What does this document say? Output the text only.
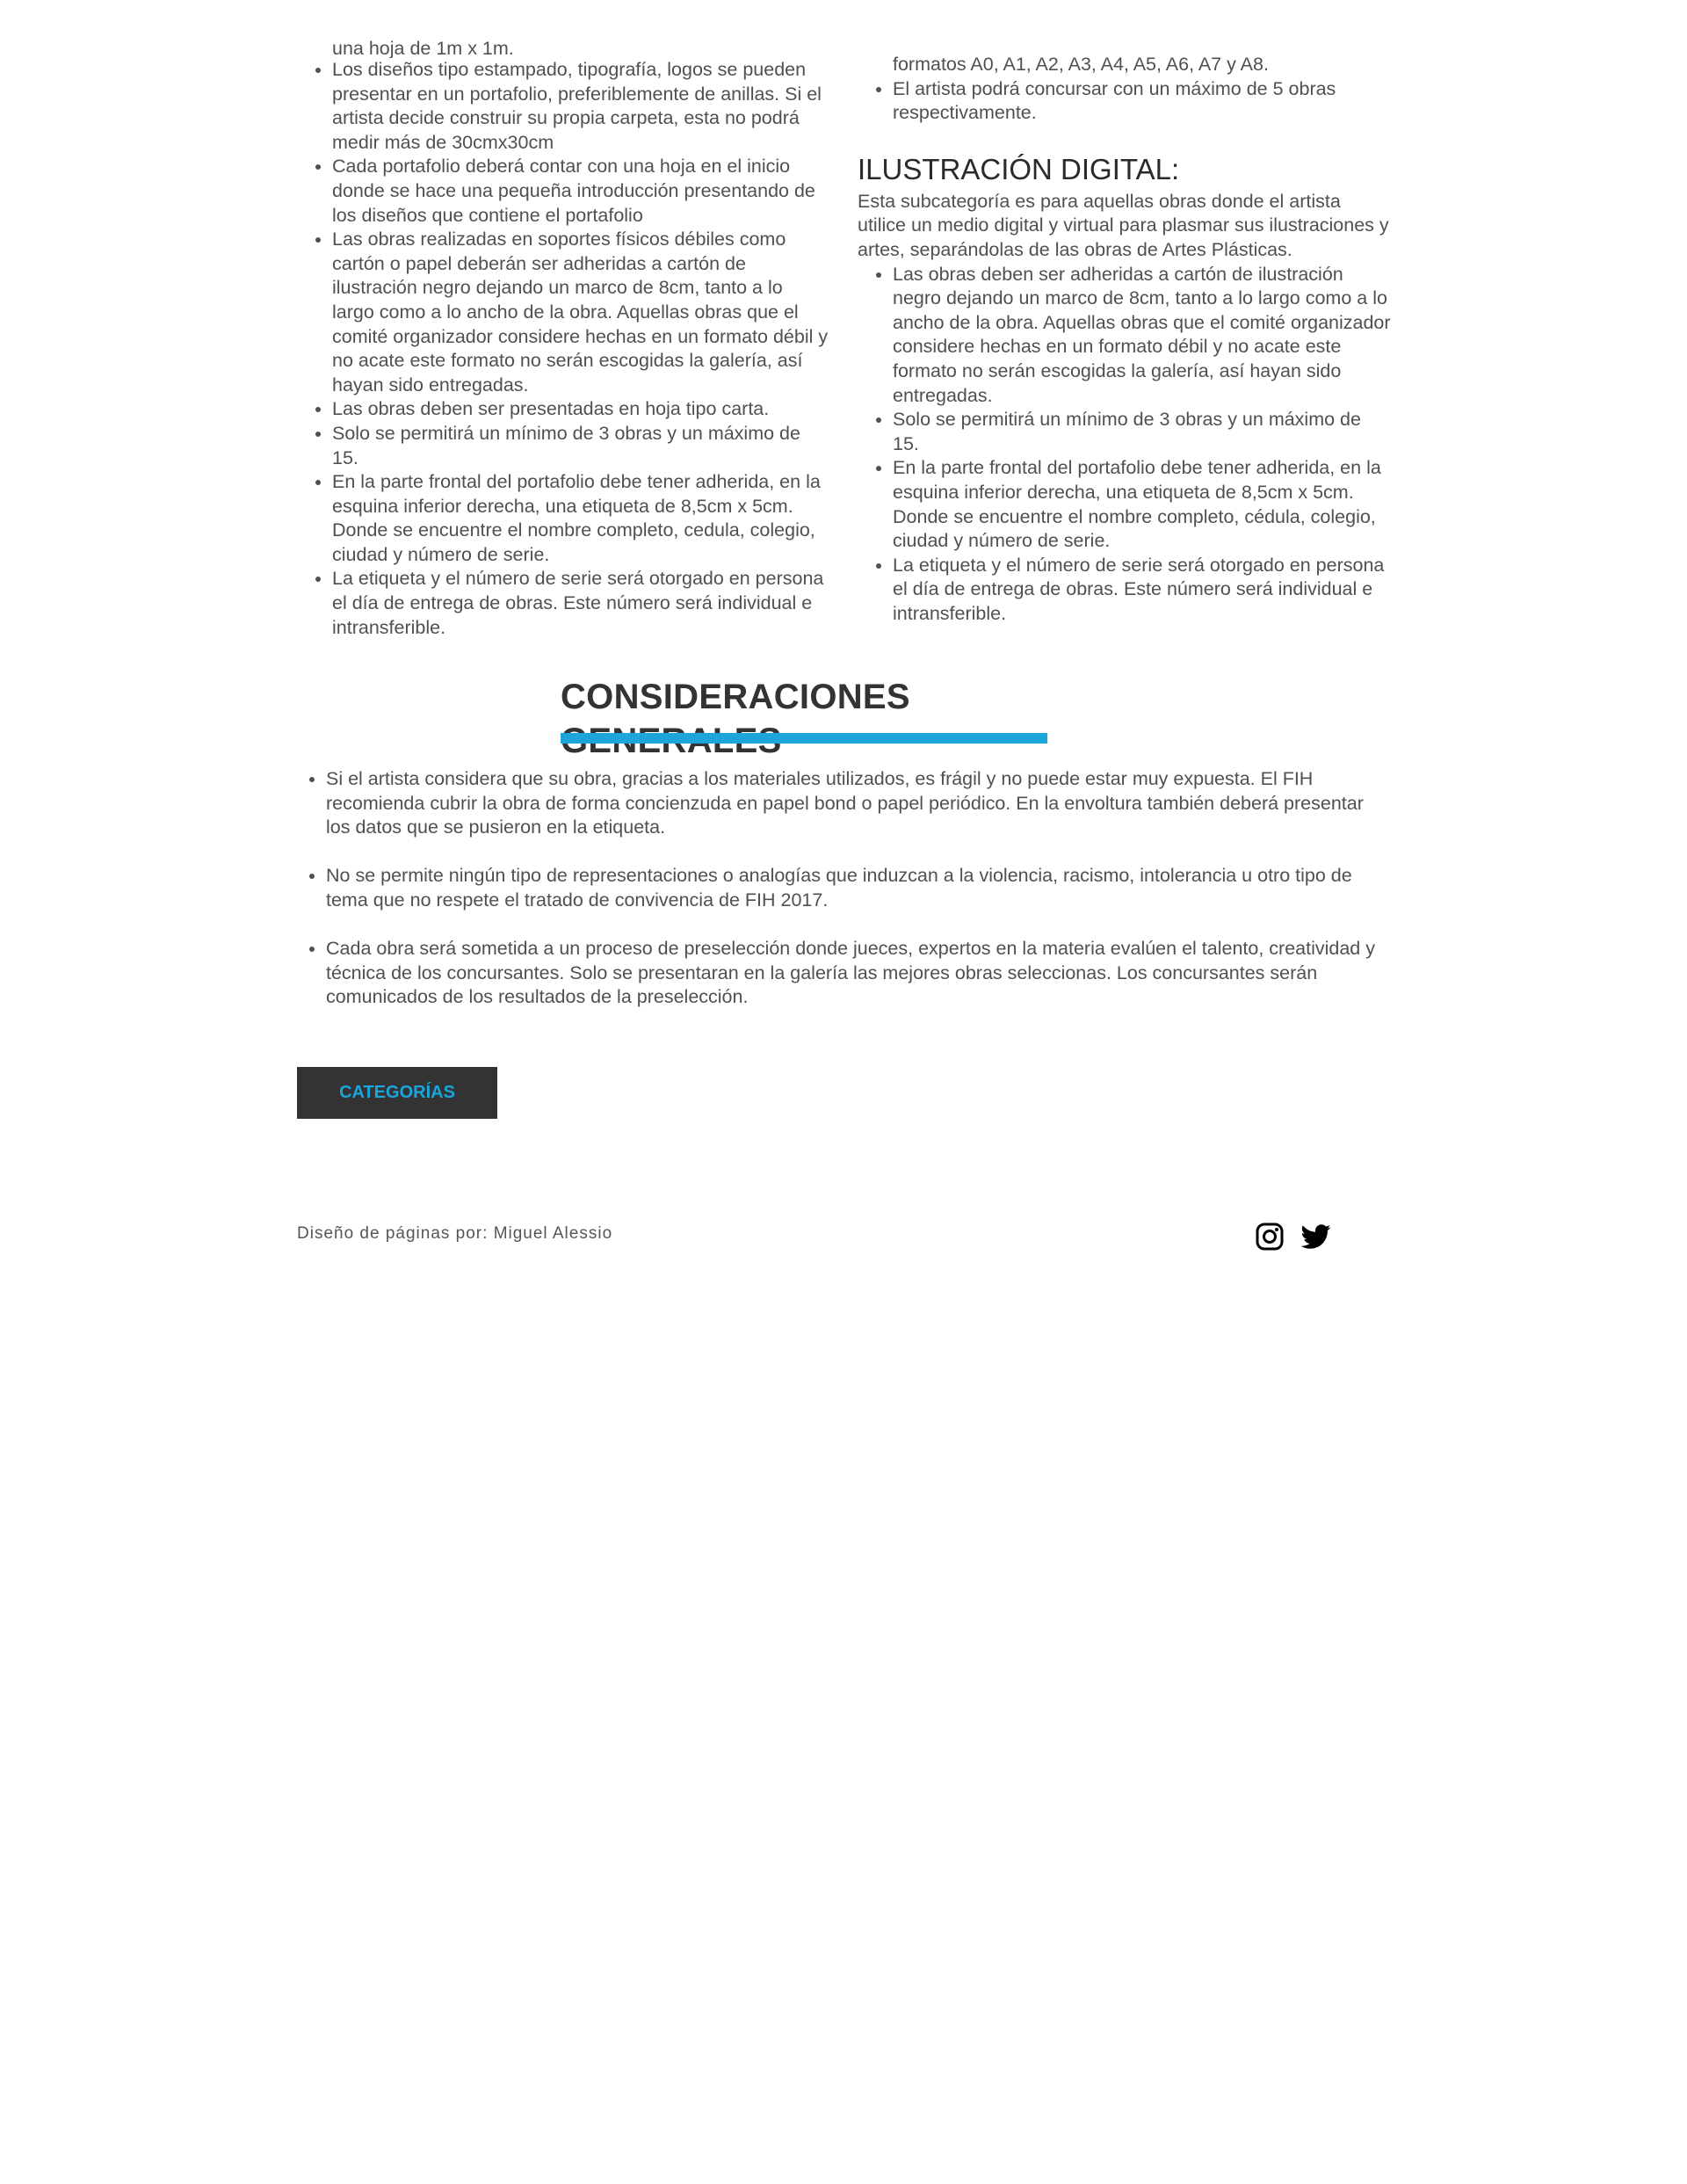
una hoja de 1m x 1m.
• Los diseños tipo estampado, tipografía, logos se pueden presentar en un portafolio, preferiblemente de anillas. Si el artista decide construir su propia carpeta, esta no podrá medir más de 30cmx30cm
• Cada portafolio deberá contar con una hoja en el inicio donde se hace una pequeña introducción presentando de los diseños que contiene el portafolio
• Las obras realizadas en soportes físicos débiles como cartón o papel deberán ser adheridas a cartón de ilustración negro dejando un marco de 8cm, tanto a lo largo como a lo ancho de la obra. Aquellas obras que el comité organizador considere hechas en un formato débil y no acate este formato no serán escogidas la galería, así hayan sido entregadas.
• Las obras deben ser presentadas en hoja tipo carta.
• Solo se permitirá un mínimo de 3 obras y un máximo de 15.
• En la parte frontal del portafolio debe tener adherida, en la esquina inferior derecha, una etiqueta de 8,5cm x 5cm. Donde se encuentre el nombre completo, cedula, colegio, ciudad y número de serie.
• La etiqueta y el número de serie será otorgado en persona el día de entrega de obras. Este número será individual e intransferible.
formatos A0, A1, A2, A3, A4, A5, A6, A7 y A8.
• El artista podrá concursar con un máximo de 5 obras respectivamente.
ILUSTRACIÓN DIGITAL:

Esta subcategoría es para aquellas obras donde el artista utilice un medio digital y virtual para plasmar sus ilustraciones y artes, separándolas de las obras de Artes Plásticas.

• Las obras deben ser adheridas a cartón de ilustración negro dejando un marco de 8cm, tanto a lo largo como a lo ancho de la obra. Aquellas obras que el comité organizador considere hechas en un formato débil y no acate este formato no serán escogidas la galería, así hayan sido entregadas.
• Solo se permitirá un mínimo de 3 obras y un máximo de 15.
• En la parte frontal del portafolio debe tener adherida, en la esquina inferior derecha, una etiqueta de 8,5cm x 5cm. Donde se encuentre el nombre completo, cédula, colegio, ciudad y número de serie.
• La etiqueta y el número de serie será otorgado en persona el día de entrega de obras. Este número será individual e intransferible.
CONSIDERACIONES
• Si el artista considera que su obra, gracias a los materiales utilizados, es frágil y no puede estar muy expuesta. El FIH recomienda cubrir la obra de forma concienzuda en papel bond o papel periódico. En la envoltura también deberá presentar los datos que se pusieron en la etiqueta.
• No se permite ningún tipo de representaciones o analogías que induzcan a la violencia, racismo, intolerancia u otro tipo de tema que no respete el tratado de convivencia de FIH 2017.
• Cada obra será sometida a un proceso de preselección donde jueces, expertos en la materia evalúen el talento, creatividad y técnica de los concursantes. Solo se presentaran en la galería las mejores obras seleccionas. Los concursantes serán comunicados de los resultados de la preselección.
CATEGORÍAS
Diseño de páginas por: Miguel Alessio
